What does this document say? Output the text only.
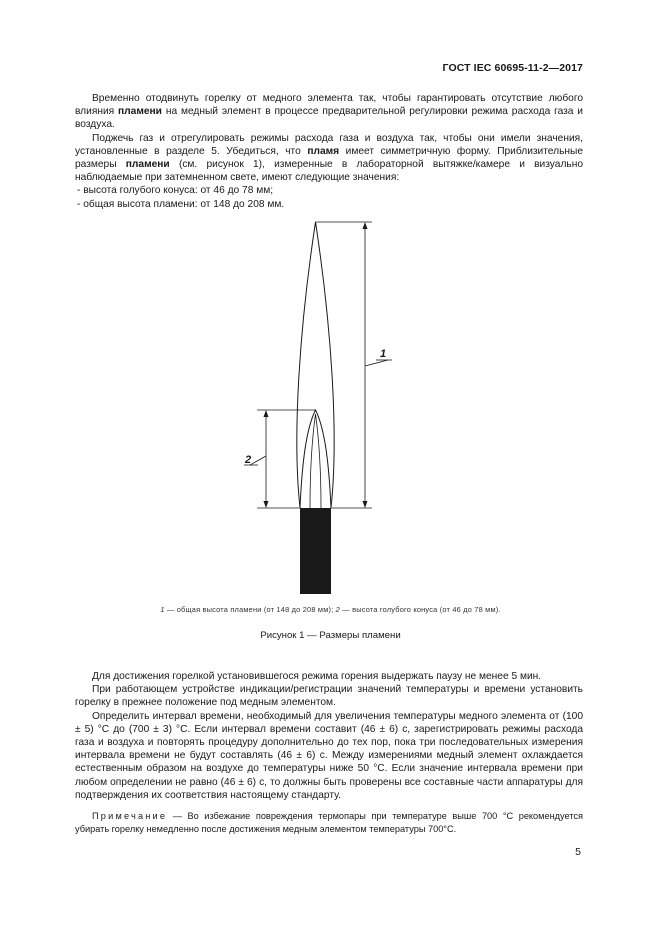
ГОСТ IEC 60695-11-2—2017

Временно отодвинуть горелку от медного элемента так, чтобы гарантировать отсутствие любого влияния пламени на медный элемент в процессе предварительной регулировки режима расхода газа и воздуха.

Поджечь газ и отрегулировать режимы расхода газа и воздуха так, чтобы они имели значения, установленные в разделе 5. Убедиться, что пламя имеет симметричную форму. Приблизительные размеры пламени (см. рисунок 1), измеренные в лабораторной вытяжке/камере и визуально наблюдаемые при затемненном свете, имеют следующие значения:

- высота голубого конуса: от 46 до 78 мм;

- общая высота пламени: от 148 до 208 мм.

1
2
1 — общая высота пламени (от 148 до 208 мм); 2 — высота голубого конуса (от 46 до 78 мм).
Рисунок 1 — Размеры пламени

Для достижения горелкой установившегося режима горения выдержать паузу не менее 5 мин.

При работающем устройстве индикации/регистрации значений температуры и времени установить горелку в прежнее положение под медным элементом.

Определить интервал времени, необходимый для увеличения температуры медного элемента от (100 ± 5) °С до (700 ± 3) °С. Если интервал времени составит (46 ± 6) с, зарегистрировать режимы расхода газа и воздуха и повторять процедуру дополнительно до тех пор, пока три последовательных измерения интервала времени не будут составлять (46 ± 6) с. Между измерениями медный элемент охлаждается естественным образом на воздухе до температуры ниже 50 °С. Если значение интервала времени при любом определении не равно (46 ± 6) с, то должны быть проверены все составные части аппаратуры для подтверждения их соответствия настоящему стандарту.

Примечание — Во избежание повреждения термопары при температуре выше 700 °С рекомендуется убирать горелку немедленно после достижения медным элементом температуры 700°С.
5
